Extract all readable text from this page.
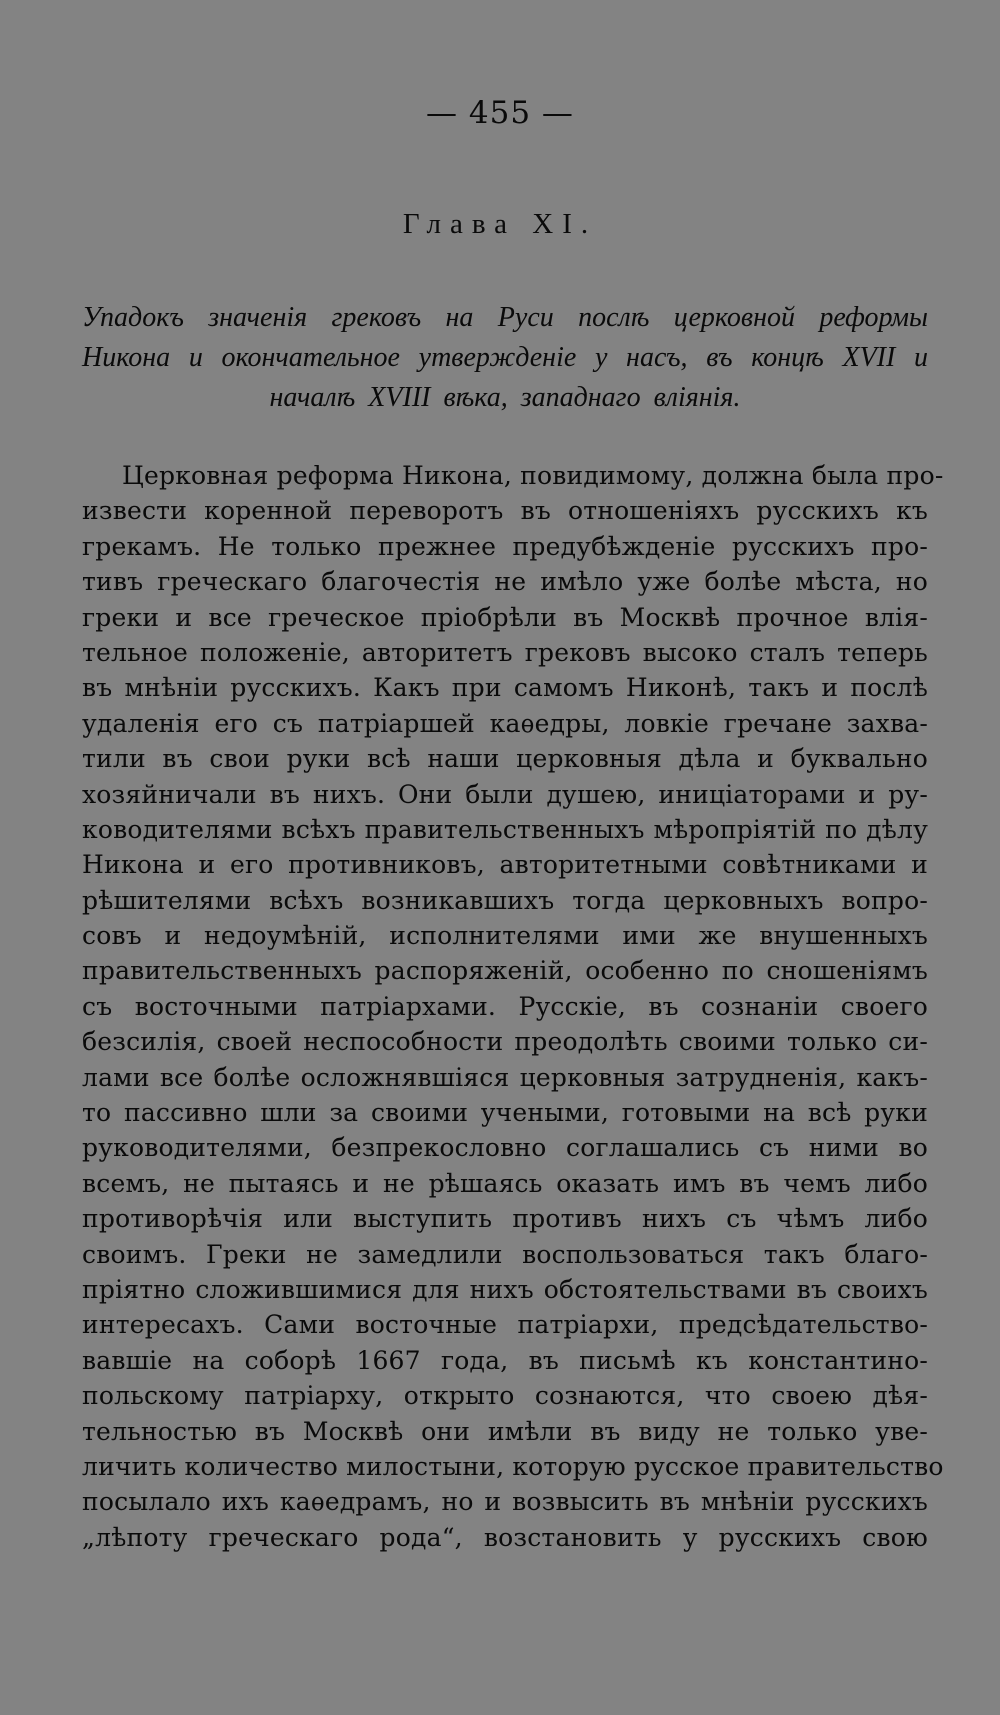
— 455 —
Глава XI.
Упадокъ значенія грековъ на Руси послѣ церковной реформы Никона и окончательное утвержденіе у насъ, въ концѣ XVII и началѣ XVIII вѣка, западнаго вліянія.
Церковная реформа Никона, повидимому, должна была про-
извести коренной переворотъ въ отношеніяхъ русскихъ къ
грекамъ. Не только прежнее предубѣжденіе русскихъ про-
тивъ греческаго благочестія не имѣло уже болѣе мѣста, но
греки и все греческое пріобрѣли въ Москвѣ прочное влія-
тельное положеніе, авторитетъ грековъ высоко сталъ теперь
въ мнѣніи русскихъ. Какъ при самомъ Никонѣ, такъ и послѣ
удаленія его съ патріаршей каѳедры, ловкіе гречане захва-
тили въ свои руки всѣ наши церковныя дѣла и буквально
хозяйничали въ нихъ. Они были душею, иниціаторами и ру-
ководителями всѣхъ правительственныхъ мѣропріятій по дѣлу
Никона и его противниковъ, авторитетными совѣтниками и
рѣшителями всѣхъ возникавшихъ тогда церковныхъ вопро-
совъ и недоумѣній, исполнителями ими же внушенныхъ
правительственныхъ распоряженій, особенно по сношеніямъ
съ восточными патріархами. Русскіе, въ сознаніи своего
безсилія, своей неспособности преодолѣть своими только си-
лами все болѣе осложнявшіяся церковныя затрудненія, какъ-
то пассивно шли за своими учеными, готовыми на всѣ руки
руководителями, безпрекословно соглашались съ ними во
всемъ, не пытаясь и не рѣшаясь оказать имъ въ чемъ либо
противорѣчія или выступить противъ нихъ съ чѣмъ либо
своимъ. Греки не замедлили воспользоваться такъ благо-
пріятно сложившимися для нихъ обстоятельствами въ своихъ
интересахъ. Сами восточные патріархи, предсѣдательство-
вавшіе на соборѣ 1667 года, въ письмѣ къ константино-
польскому патріарху, открыто сознаются, что своею дѣя-
тельностью въ Москвѣ они имѣли въ виду не только уве-
личить количество милостыни, которую русское правительство
посылало ихъ каѳедрамъ, но и возвысить въ мнѣніи русскихъ
„лѣпоту греческаго рода“, возстановить у русскихъ свою
